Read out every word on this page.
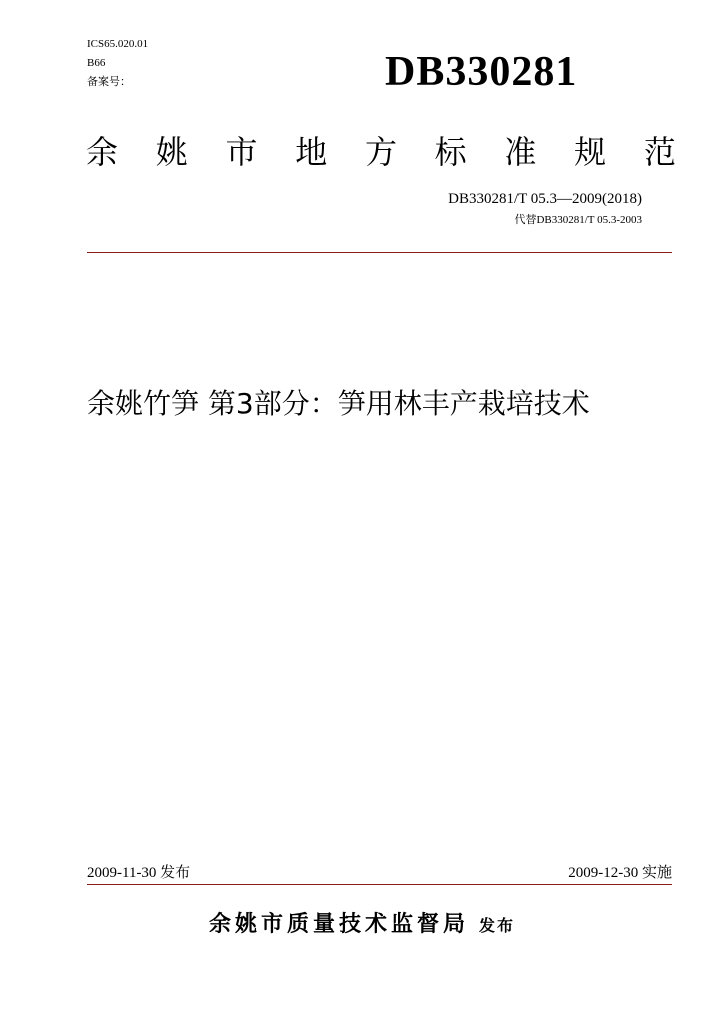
ICS65.020.01
B66
备案号：	DB330281
余 姚 市 地 方 标 准 规 范
DB330281/T 05.3—2009(2018)
代替DB330281/T 05.3-2003
余姚竹笋 第3部分：笋用林丰产栽培技术
2009-11-30 发布	2009-12-30 实施
余姚市质量技术监督局 发布
